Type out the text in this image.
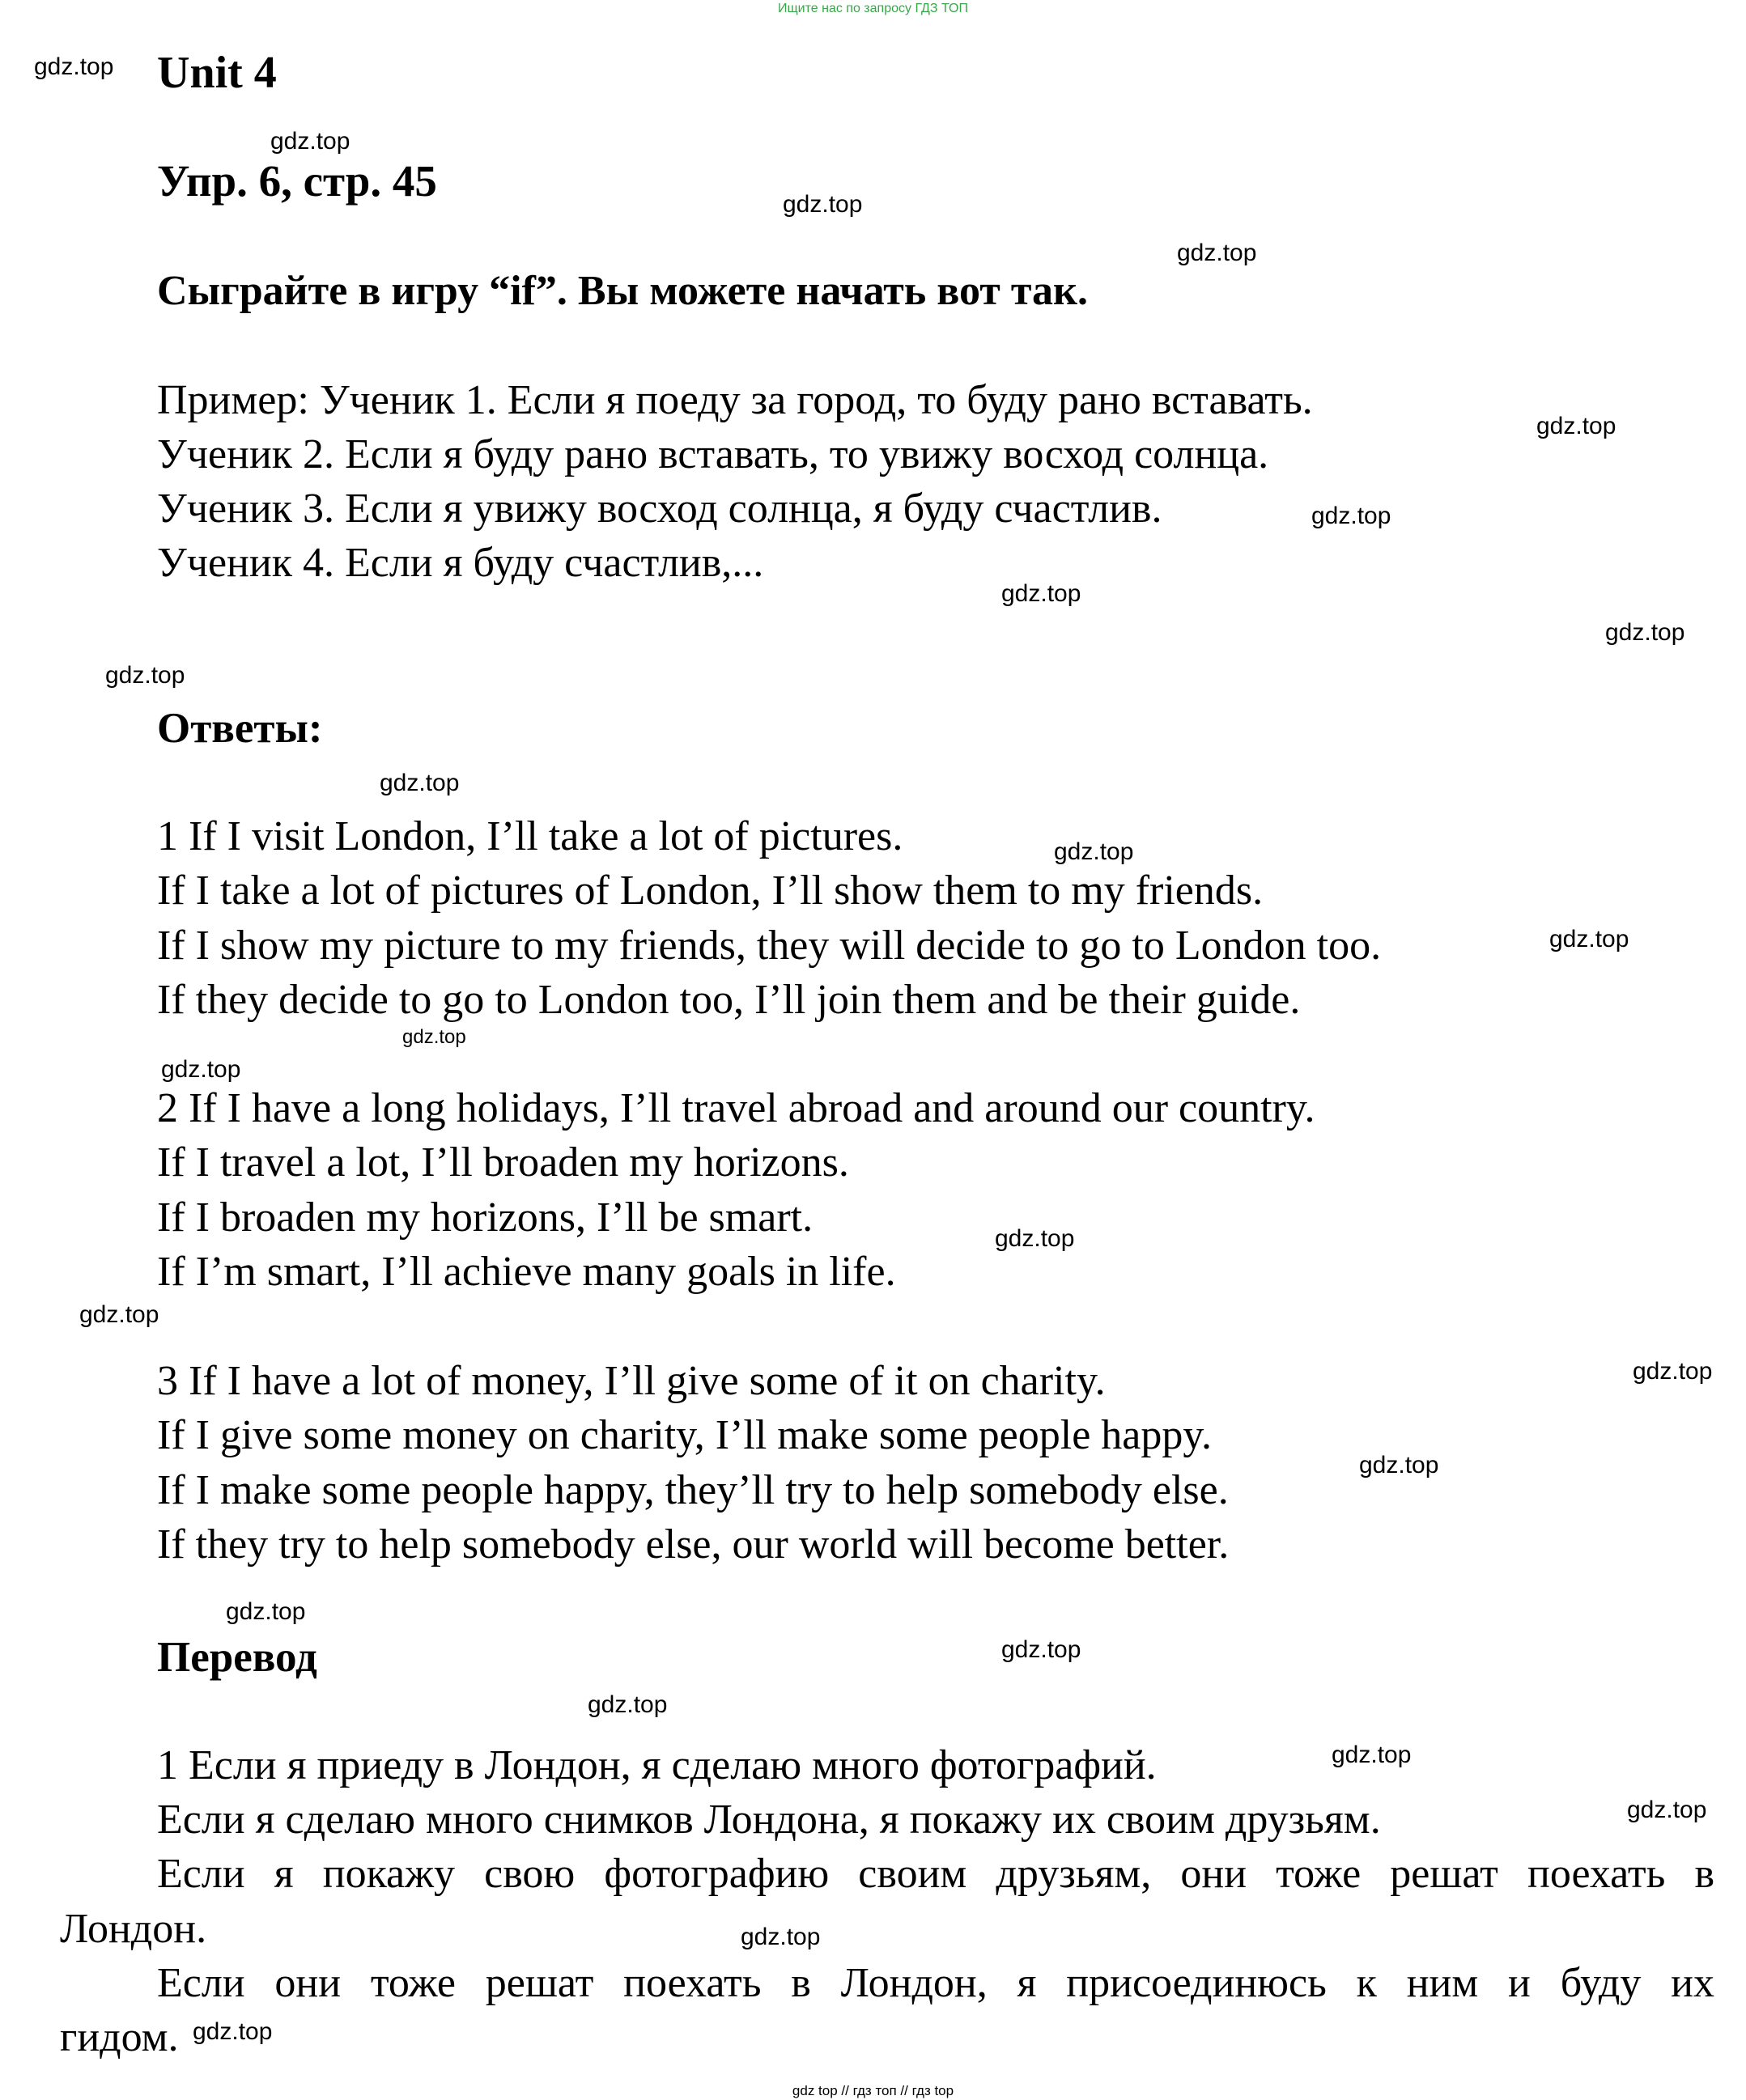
Ищите нас по запросу ГДЗ ТОП
Unit 4
Упр. 6, стр. 45
Сыграйте в игру “if”. Вы можете начать вот так.
Пример: Ученик 1. Если я поеду за город, то буду рано вставать.
Ученик 2. Если я буду рано вставать, то увижу восход солнца.
Ученик 3. Если я увижу восход солнца, я буду счастлив.
Ученик 4. Если я буду счастлив,...
Ответы:
1 If I visit London, I’ll take a lot of pictures.
If I take a lot of pictures of London, I’ll show them to my friends.
If I show my picture to my friends, they will decide to go to London too.
If they decide to go to London too, I’ll join them and be their guide.
2 If I have a long holidays, I’ll travel abroad and around our country.
If I travel a lot, I’ll broaden my horizons.
If I broaden my horizons, I’ll be smart.
If I’m smart, I’ll achieve many goals in life.
3 If I have a lot of money, I’ll give some of it on charity.
If I give some money on charity, I’ll make some people happy.
If I make some people happy, they’ll try to help somebody else.
If they try to help somebody else, our world will become better.
Перевод
1 Если я приеду в Лондон, я сделаю много фотографий.
Если я сделаю много снимков Лондона, я покажу их своим друзьям.
Если я покажу свою фотографию своим друзьям, они тоже решат поехать в
Лондон.
Если они тоже решат поехать в Лондон, я присоединюсь к ним и буду их
гидом.
gdz.top
gdz.top
gdz.top
gdz.top
gdz.top
gdz.top
gdz.top
gdz.top
gdz.top
gdz.top
gdz.top
gdz.top
gdz.top
gdz.top
gdz.top
gdz.top
gdz.top
gdz.top
gdz.top
gdz.top
gdz.top
gdz.top
gdz.top
gdz.top
gdz.top
gdz top // гдз топ // гдз top
